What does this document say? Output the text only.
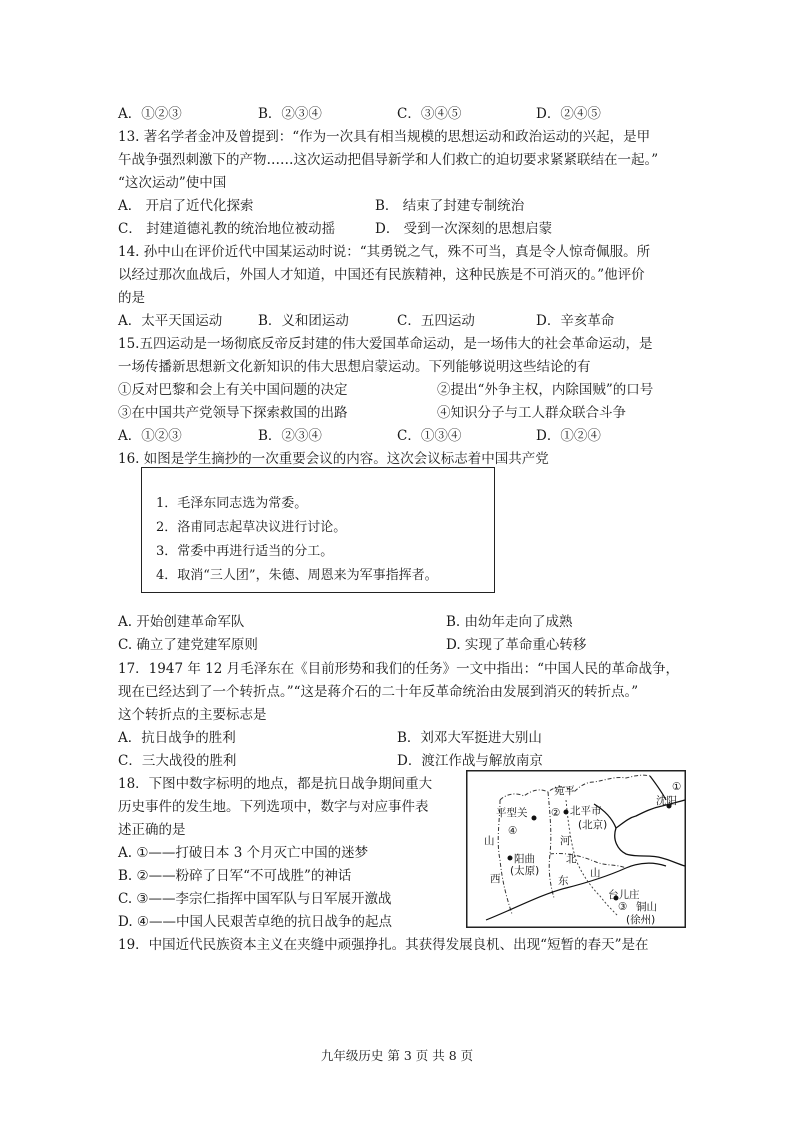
A．①②③	B．②③④	C．③④⑤	D．②④⑤
13. 著名学者金冲及曾提到：“作为一次具有相当规模的思想运动和政治运动的兴起，是甲
午战争强烈刺激下的产物……这次运动把倡导新学和人们救亡的迫切要求紧紧联结在一起。”
“这次运动”使中国
A． 开启了近代化探索	B． 结束了封建专制统治
C． 封建道德礼教的统治地位被动摇	D． 受到一次深刻的思想启蒙
14. 孙中山在评价近代中国某运动时说：“其勇锐之气，殊不可当，真是令人惊奇佩服。所
以经过那次血战后，外国人才知道，中国还有民族精神，这种民族是不可消灭的。”他评价
的是
A．太平天国运动	B．义和团运动	C．五四运动	D．辛亥革命
15.五四运动是一场彻底反帝反封建的伟大爱国革命运动，是一场伟大的社会革命运动，是
一场传播新思想新文化新知识的伟大思想启蒙运动。下列能够说明这些结论的有
①反对巴黎和会上有关中国问题的决定	②提出“外争主权，内除国贼”的口号
③在中国共产党领导下探索救国的出路	④知识分子与工人群众联合斗争
A．①②③	B．②③④	C．①③④	D．①②④
16. 如图是学生摘抄的一次重要会议的内容。这次会议标志着中国共产党
1．毛泽东同志选为常委。
2．洛甫同志起草决议进行讨论。
3．常委中再进行适当的分工。
4．取消“三人团”，朱德、周恩来为军事指挥者。
A. 开始创建革命军队	B. 由幼年走向了成熟
C. 确立了建党建军原则	D. 实现了革命重心转移
17．1947 年 12 月毛泽东在《目前形势和我们的任务》一文中指出：“中国人民的革命战争，
现在已经达到了一个转折点。”“这是蒋介石的二十年反革命统治由发展到消灭的转折点。”
这个转折点的主要标志是
A．抗日战争的胜利	B．刘邓大军挺进大别山
C．三大战役的胜利	D．渡江作战与解放南京
18．下图中数字标明的地点，都是抗日战争期间重大
历史事件的发生地。下列选项中，数字与对应事件表
述正确的是
A. ①——打破日本 3 个月灭亡中国的迷梦
B. ②——粉碎了日军“不可战胜”的神话
C. ③——李宗仁指挥中国军队与日军展开激战
D. ④——中国人民艰苦卓绝的抗日战争的起点
①
沈阳
宛平
平型关 ②
④
北平市
(北京)
河
山
阳曲
(太原)
北
山
西	东
台儿庄
③ 铜山
(徐州)
19．中国近代民族资本主义在夹缝中顽强挣扎。其获得发展良机、出现“短暂的春天”是在
九年级历史 第 3 页 共 8 页
